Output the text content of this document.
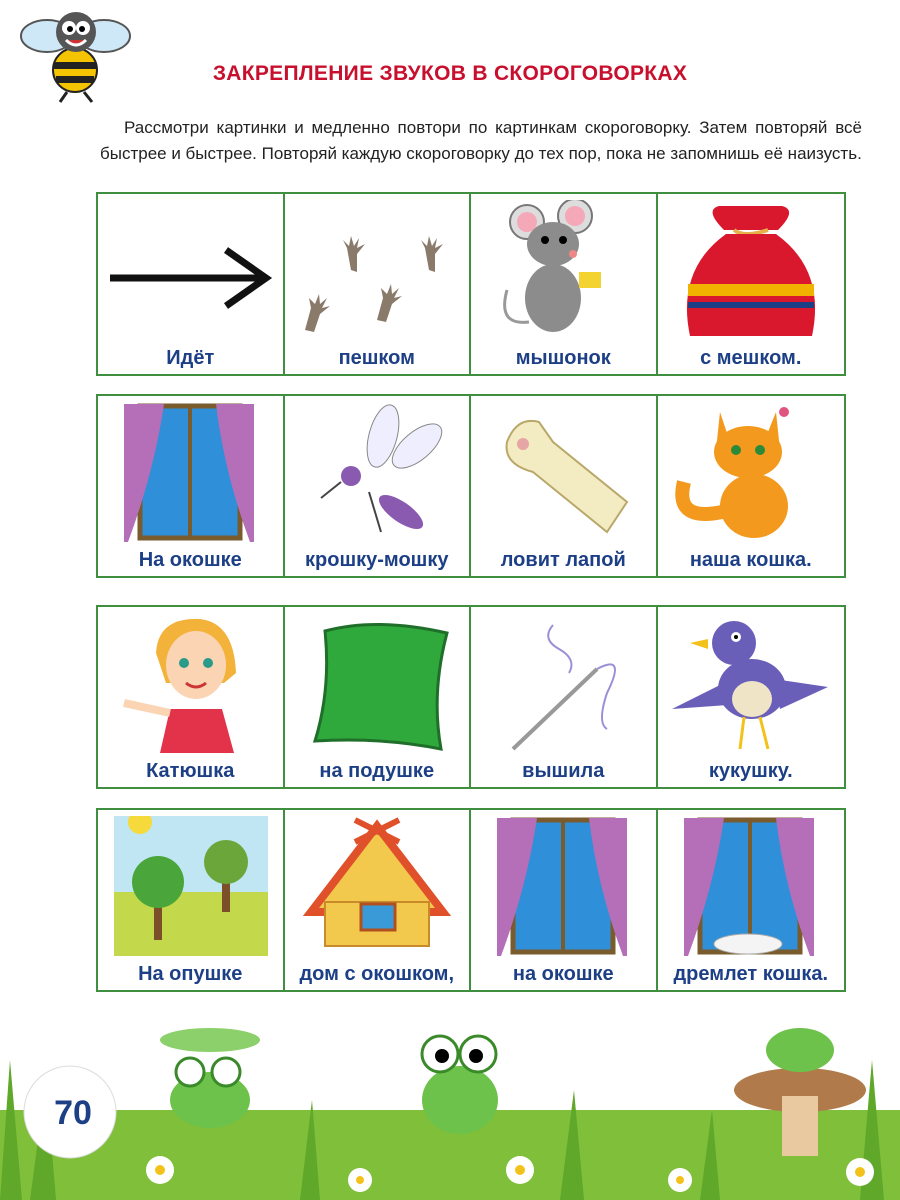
ЗАКРЕПЛЕНИЕ ЗВУКОВ В СКОРОГОВОРКАХ
Рассмотри картинки и медленно повтори по картинкам скороговорку. Затем повторяй всё быстрее и быстрее. Повторяй каждую скороговорку до тех пор, пока не запомнишь её наизусть.
Идёт	пешком	мышонок	с мешком.
На окошке	крошку-мошку	ловит лапой	наша кошка.
Катюшка	на подушке	вышила	кукушку.
На опушке	дом с окошком,	на окошке	дремлет кошка.
70
